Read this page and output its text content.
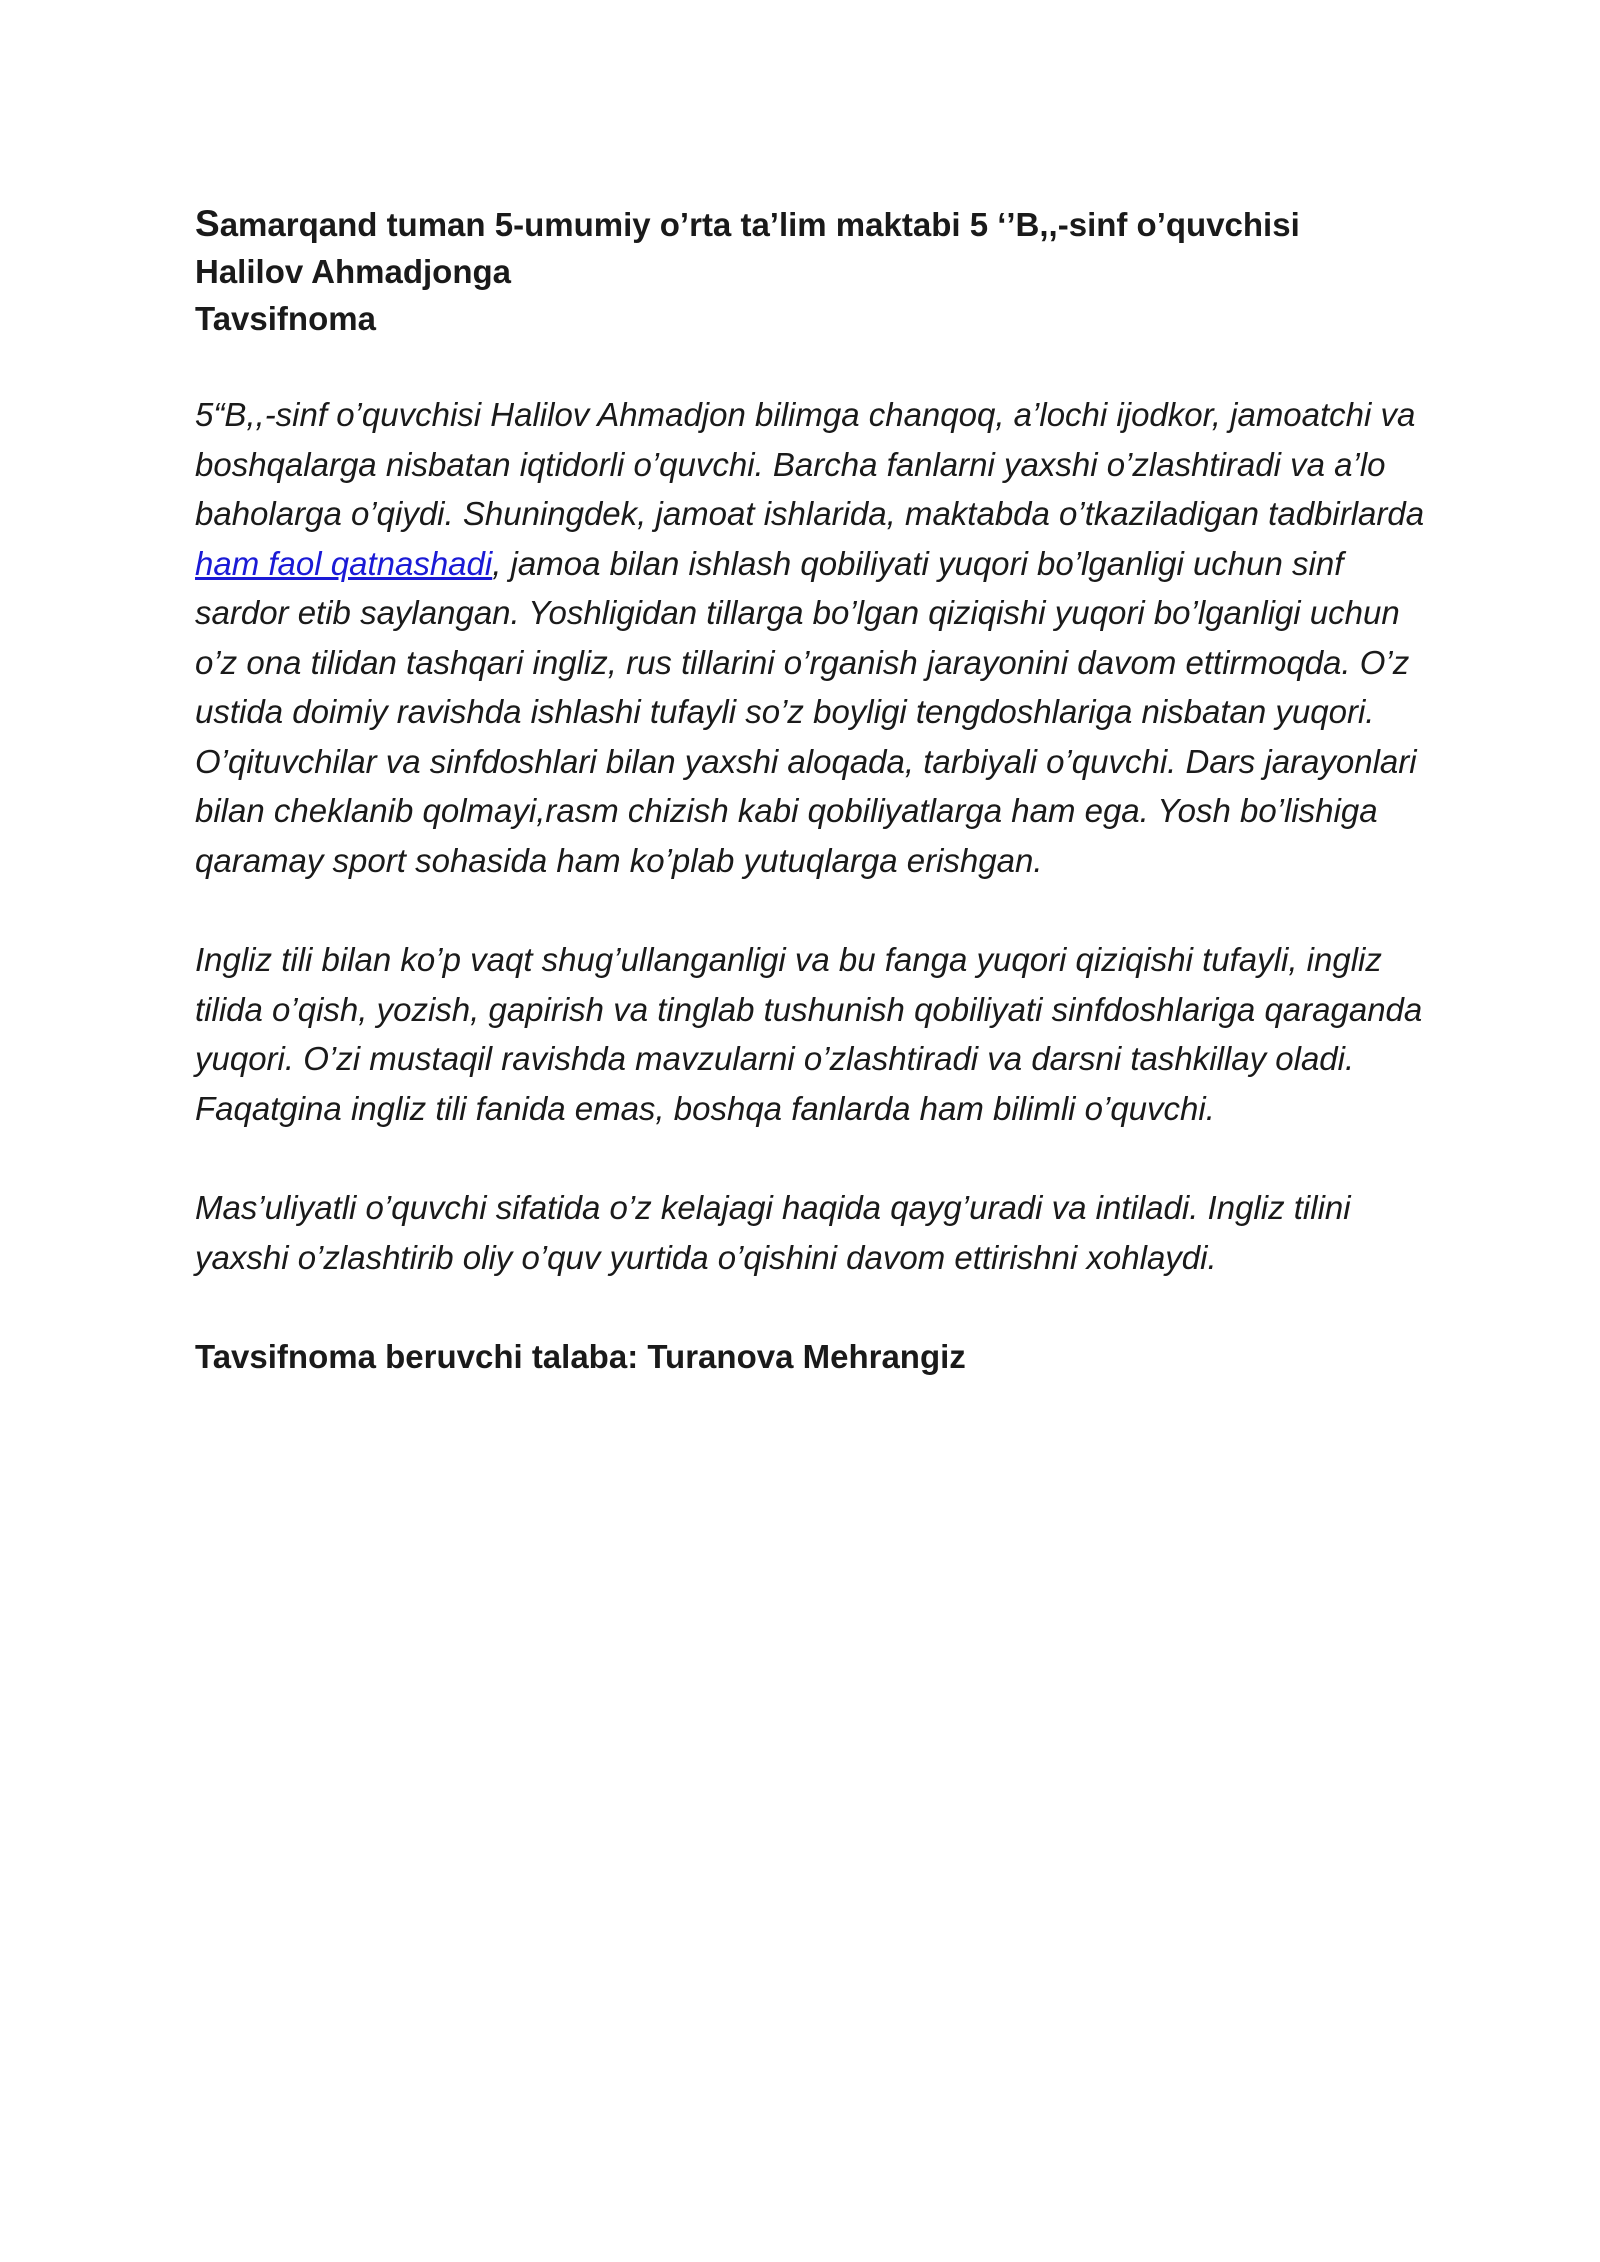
Samarqand tuman 5-umumiy o’rta ta’lim maktabi 5 ‘’B,,-sinf o’quvchisi

Halilov Ahmadjonga

Tavsifnoma

5“B,,-sinf o’quvchisi Halilov Ahmadjon bilimga chanqoq, a’lochi ijodkor, jamoatchi va boshqalarga nisbatan iqtidorli o’quvchi. Barcha fanlarni yaxshi o’zlashtiradi va a’lo baholarga o’qiydi. Shuningdek, jamoat ishlarida, maktabda o’tkaziladigan tadbirlarda ham faol qatnashadi, jamoa bilan ishlash qobiliyati yuqori bo’lganligi uchun sinf sardor etib saylangan. Yoshligidan tillarga bo’lgan qiziqishi yuqori bo’lganligi uchun o’z ona tilidan tashqari ingliz, rus tillarini o’rganish jarayonini davom ettirmoqda. O’z ustida doimiy ravishda ishlashi tufayli so’z boyligi tengdoshlariga nisbatan yuqori. O’qituvchilar va sinfdoshlari bilan yaxshi aloqada, tarbiyali o’quvchi. Dars jarayonlari bilan cheklanib qolmayi,rasm chizish kabi qobiliyatlarga ham ega. Yosh bo’lishiga qaramay sport sohasida ham ko’plab yutuqlarga erishgan.

Ingliz tili bilan ko’p vaqt shug’ullanganligi va bu fanga yuqori qiziqishi tufayli, ingliz tilida o’qish, yozish, gapirish va tinglab tushunish qobiliyati sinfdoshlariga qaraganda yuqori. O’zi mustaqil ravishda mavzularni o’zlashtiradi va darsni tashkillay oladi. Faqatgina ingliz tili fanida emas, boshqa fanlarda ham bilimli o’quvchi.

Mas’uliyatli o’quvchi sifatida o’z kelajagi haqida qayg’uradi va intiladi. Ingliz tilini yaxshi o’zlashtirib oliy o’quv yurtida o’qishini davom ettirishni xohlaydi.

Tavsifnoma beruvchi talaba: Turanova Mehrangiz
